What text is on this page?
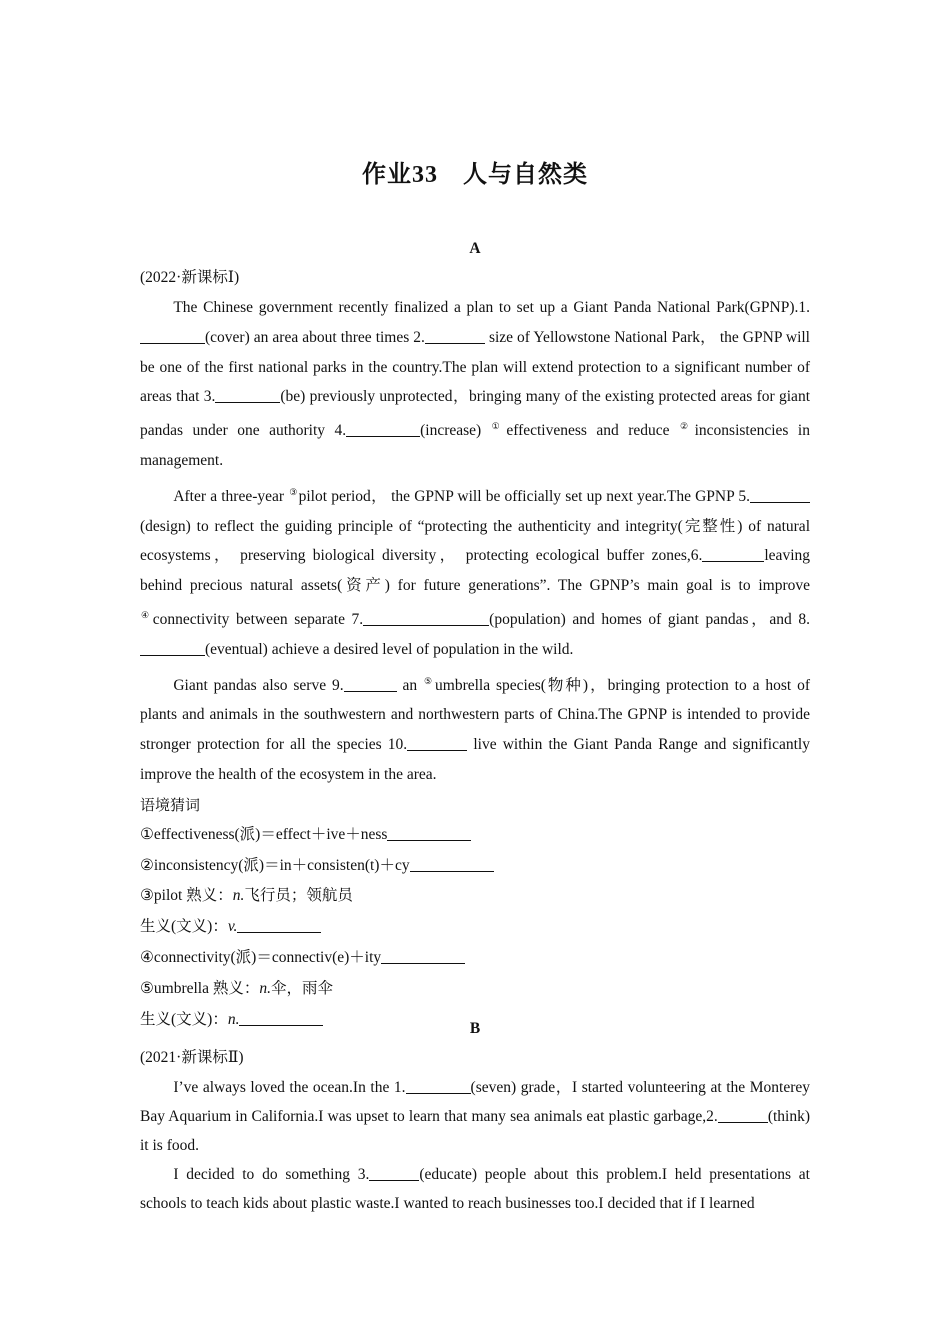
作业33　人与自然类
A
(2022·新课标Ⅰ)

The Chinese government recently finalized a plan to set up a Giant Panda National Park(GPNP).1.(cover) an area about three times 2.	size of Yellowstone National Park， the GPNP will be one of the first national parks in the country.The plan will extend protection to a significant number of areas that 3.	(be) previously unprotected，bringing many of the existing protected areas for giant pandas under one authority 4.	(increase) ①effectiveness and reduce ②inconsistencies in management.

After a three-year ③pilot period， the GPNP will be officially set up next year.The GPNP 5.(design) to reflect the guiding principle of “protecting the authenticity and integrity(完整性) of natural ecosystems， preserving biological diversity， protecting ecological buffer zones,6.	leaving behind precious natural assets(资产) for future generations”. The GPNP’s main goal is to improve ④connectivity between separate 7.	(population) and homes of giant pandas，and 8.(eventual) achieve a desired level of population in the wild.

Giant pandas also serve 9.	an ⑤umbrella species(物种)，bringing protection to a host of plants and animals in the southwestern and northwestern parts of China.The GPNP is intended to provide stronger protection for all the species 10.	live within the Giant Panda Range and significantly improve the health of the ecosystem in the area.

语境猜词
①effectiveness(派)＝effect＋ive＋ness
②inconsistency(派)＝in＋consisten(t)＋cy
③pilot 熟义：n.飞行员；领航员
生义(文义)：v.
④connectivity(派)＝connectiv(e)＋ity
⑤umbrella 熟义：n.伞，雨伞
生义(文义)：n.
B
(2021·新课标Ⅱ)

I’ve always loved the ocean.In the 1.	(seven) grade，I started volunteering at the Monterey Bay Aquarium in California.I was upset to learn that many sea animals eat plastic garbage,2.	(think) it is food.

I decided to do something 3.	(educate) people about this problem.I held presentations at schools to teach kids about plastic waste.I wanted to reach businesses too.I decided that if I learned
